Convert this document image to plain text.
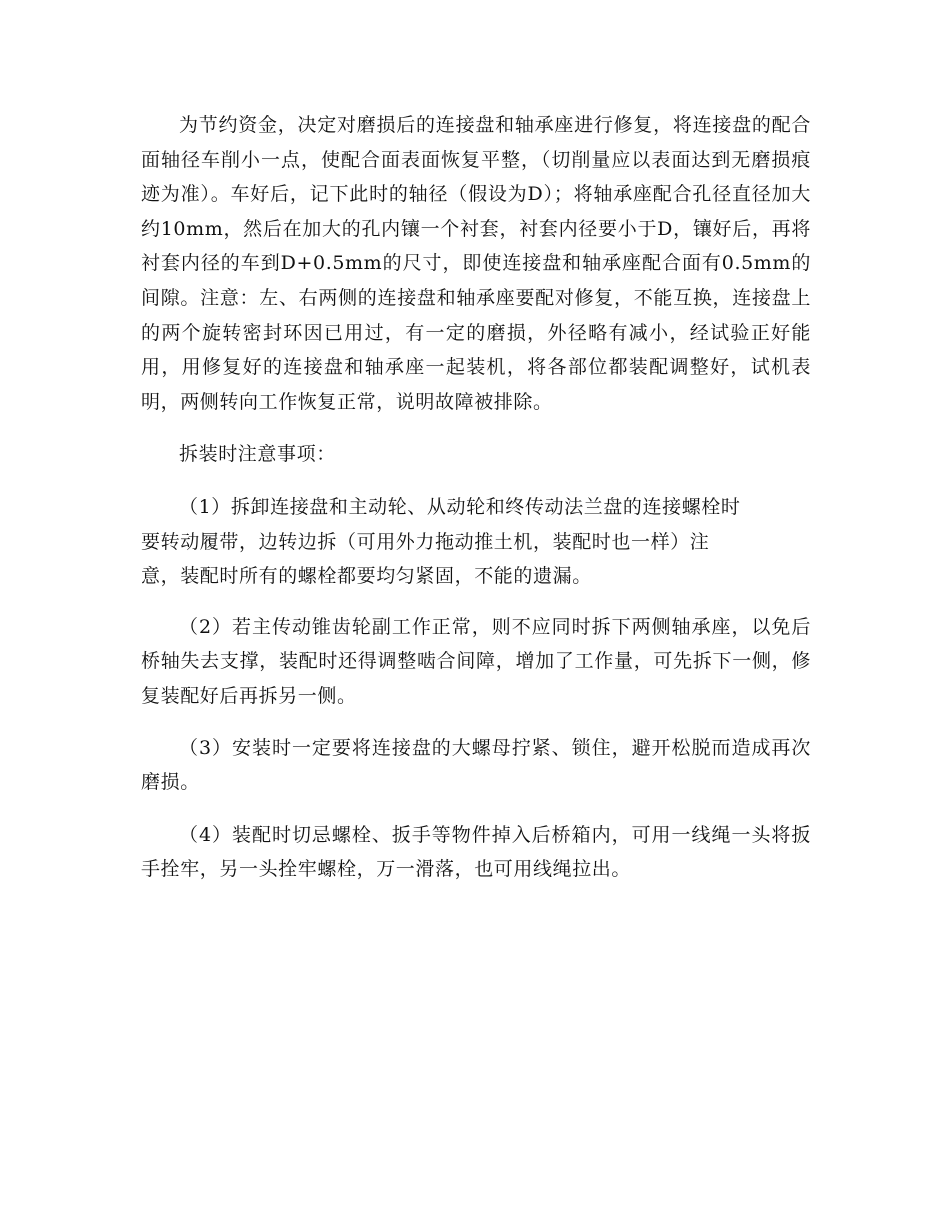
为节约资金，决定对磨损后的连接盘和轴承座进行修复，将连接盘的配合面轴径车削小一点，使配合面表面恢复平整，（切削量应以表面达到无磨损痕迹为准）。车好后，记下此时的轴径（假设为D）；将轴承座配合孔径直径加大约10mm，然后在加大的孔内镶一个衬套，衬套内径要小于D，镶好后，再将衬套内径的车到D+0.5mm的尺寸，即使连接盘和轴承座配合面有0.5mm的间隙。注意：左、右两侧的连接盘和轴承座要配对修复，不能互换，连接盘上的两个旋转密封环因已用过，有一定的磨损，外径略有减小，经试验正好能用，用修复好的连接盘和轴承座一起装机，将各部位都装配调整好，试机表明，两侧转向工作恢复正常，说明故障被排除。

拆装时注意事项：

（1）拆卸连接盘和主动轮、从动轮和终传动法兰盘的连接螺栓时
要转动履带，边转边拆（可用外力拖动推土机，装配时也一样）注
意，装配时所有的螺栓都要均匀紧固，不能的遗漏。

（2）若主传动锥齿轮副工作正常，则不应同时拆下两侧轴承座，以免后桥轴失去支撑，装配时还得调整啮合间障，增加了工作量，可先拆下一侧，修复装配好后再拆另一侧。

（3）安装时一定要将连接盘的大螺母拧紧、锁住，避开松脱而造成再次磨损。

（4）装配时切忌螺栓、扳手等物件掉入后桥箱内，可用一线绳一头将扳手拴牢，另一头拴牢螺栓，万一滑落，也可用线绳拉出。
